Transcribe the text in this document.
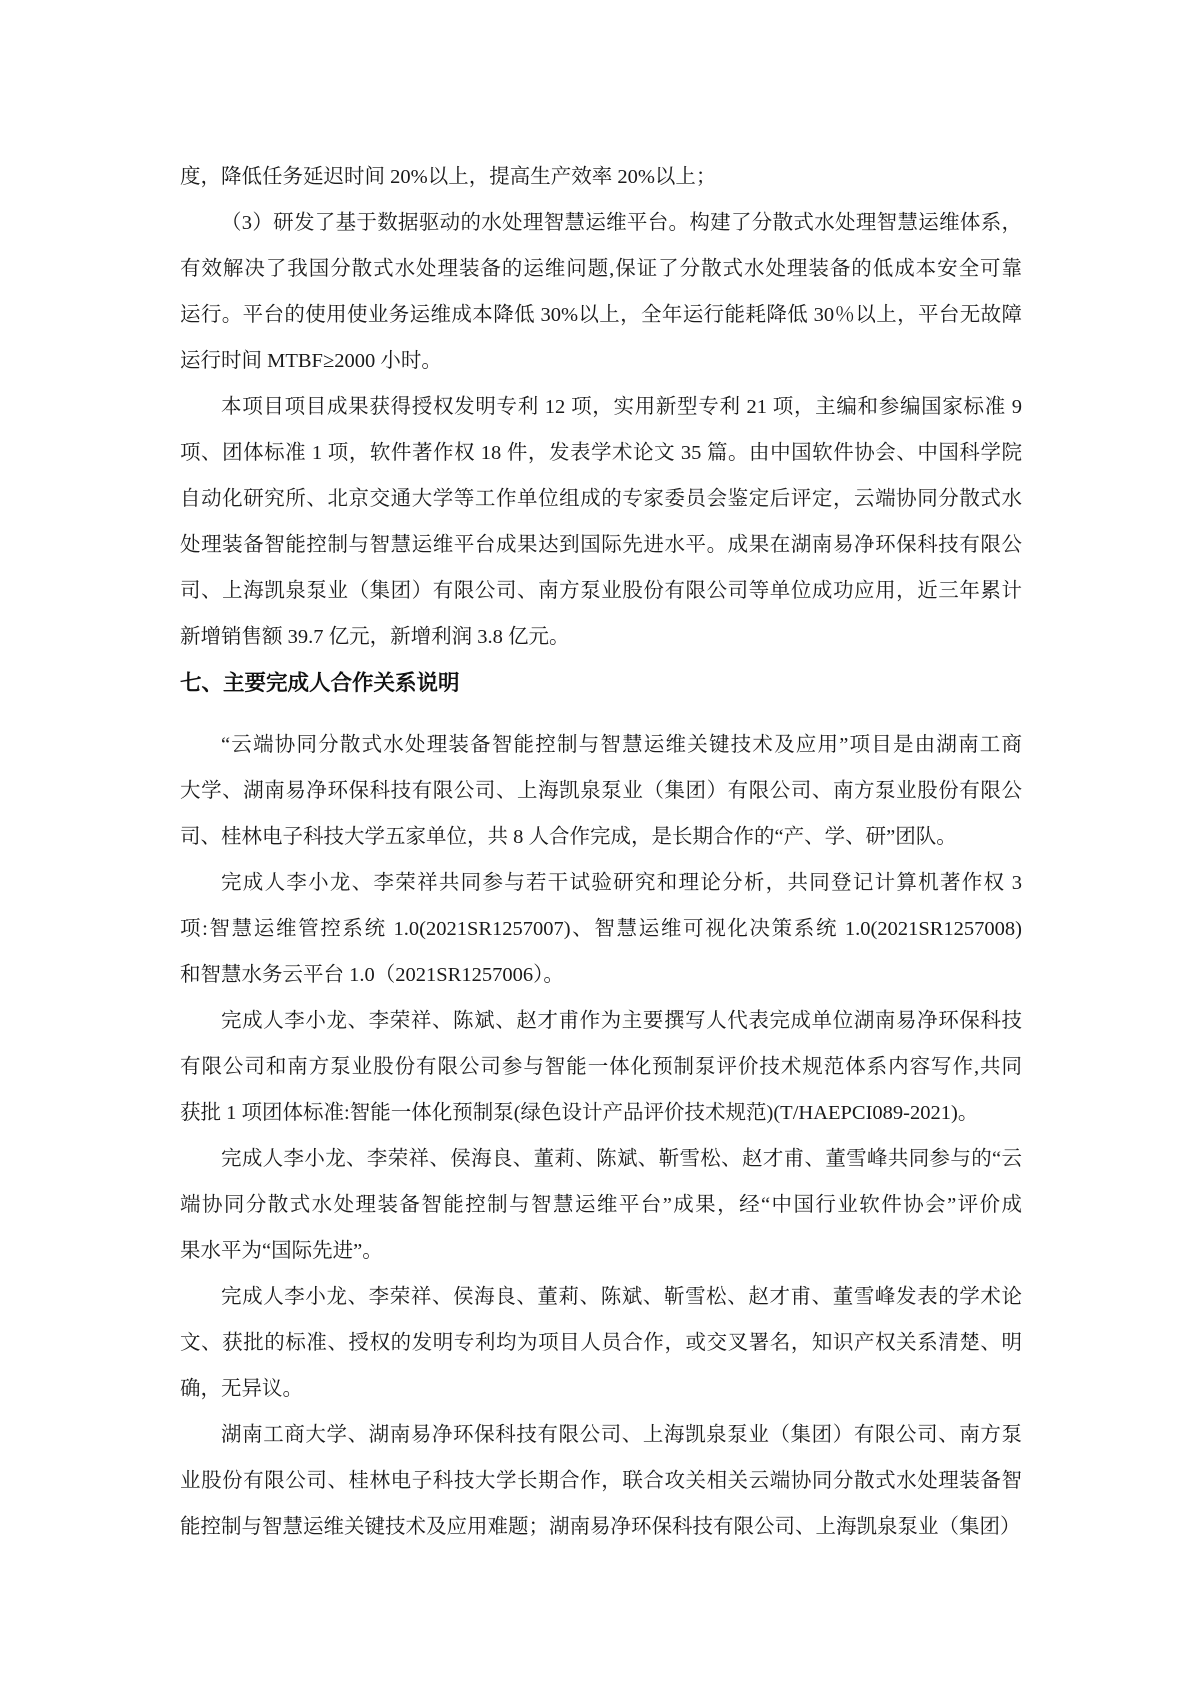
度，降低任务延迟时间 20%以上，提高生产效率 20%以上；
（3）研发了基于数据驱动的水处理智慧运维平台。构建了分散式水处理智慧运维体系，
有效解决了我国分散式水处理装备的运维问题,保证了分散式水处理装备的低成本安全可靠
运行。平台的使用使业务运维成本降低 30%以上，全年运行能耗降低 30％以上，平台无故障
运行时间 MTBF≥2000 小时。
本项目项目成果获得授权发明专利 12 项，实用新型专利 21 项，主编和参编国家标准 9
项、团体标准 1 项，软件著作权 18 件，发表学术论文 35 篇。由中国软件协会、中国科学院
自动化研究所、北京交通大学等工作单位组成的专家委员会鉴定后评定，云端协同分散式水
处理装备智能控制与智慧运维平台成果达到国际先进水平。成果在湖南易净环保科技有限公
司、上海凯泉泵业（集团）有限公司、南方泵业股份有限公司等单位成功应用，近三年累计
新增销售额 39.7 亿元，新增利润 3.8 亿元。
七、主要完成人合作关系说明
“云端协同分散式水处理装备智能控制与智慧运维关键技术及应用”项目是由湖南工商
大学、湖南易净环保科技有限公司、上海凯泉泵业（集团）有限公司、南方泵业股份有限公
司、桂林电子科技大学五家单位，共 8 人合作完成，是长期合作的“产、学、研”团队。
完成人李小龙、李荣祥共同参与若干试验研究和理论分析，共同登记计算机著作权 3
项:智慧运维管控系统 1.0(2021SR1257007)、智慧运维可视化决策系统 1.0(2021SR1257008)
和智慧水务云平台 1.0（2021SR1257006）。
完成人李小龙、李荣祥、陈斌、赵才甫作为主要撰写人代表完成单位湖南易净环保科技
有限公司和南方泵业股份有限公司参与智能一体化预制泵评价技术规范体系内容写作,共同
获批 1 项团体标准:智能一体化预制泵(绿色设计产品评价技术规范)(T/HAEPCI089-2021)。
完成人李小龙、李荣祥、侯海良、董莉、陈斌、靳雪松、赵才甫、董雪峰共同参与的“云
端协同分散式水处理装备智能控制与智慧运维平台”成果，经“中国行业软件协会”评价成
果水平为“国际先进”。
完成人李小龙、李荣祥、侯海良、董莉、陈斌、靳雪松、赵才甫、董雪峰发表的学术论
文、获批的标准、授权的发明专利均为项目人员合作，或交叉署名，知识产权关系清楚、明
确，无异议。
湖南工商大学、湖南易净环保科技有限公司、上海凯泉泵业（集团）有限公司、南方泵
业股份有限公司、桂林电子科技大学长期合作，联合攻关相关云端协同分散式水处理装备智
能控制与智慧运维关键技术及应用难题；湖南易净环保科技有限公司、上海凯泉泵业（集团）
